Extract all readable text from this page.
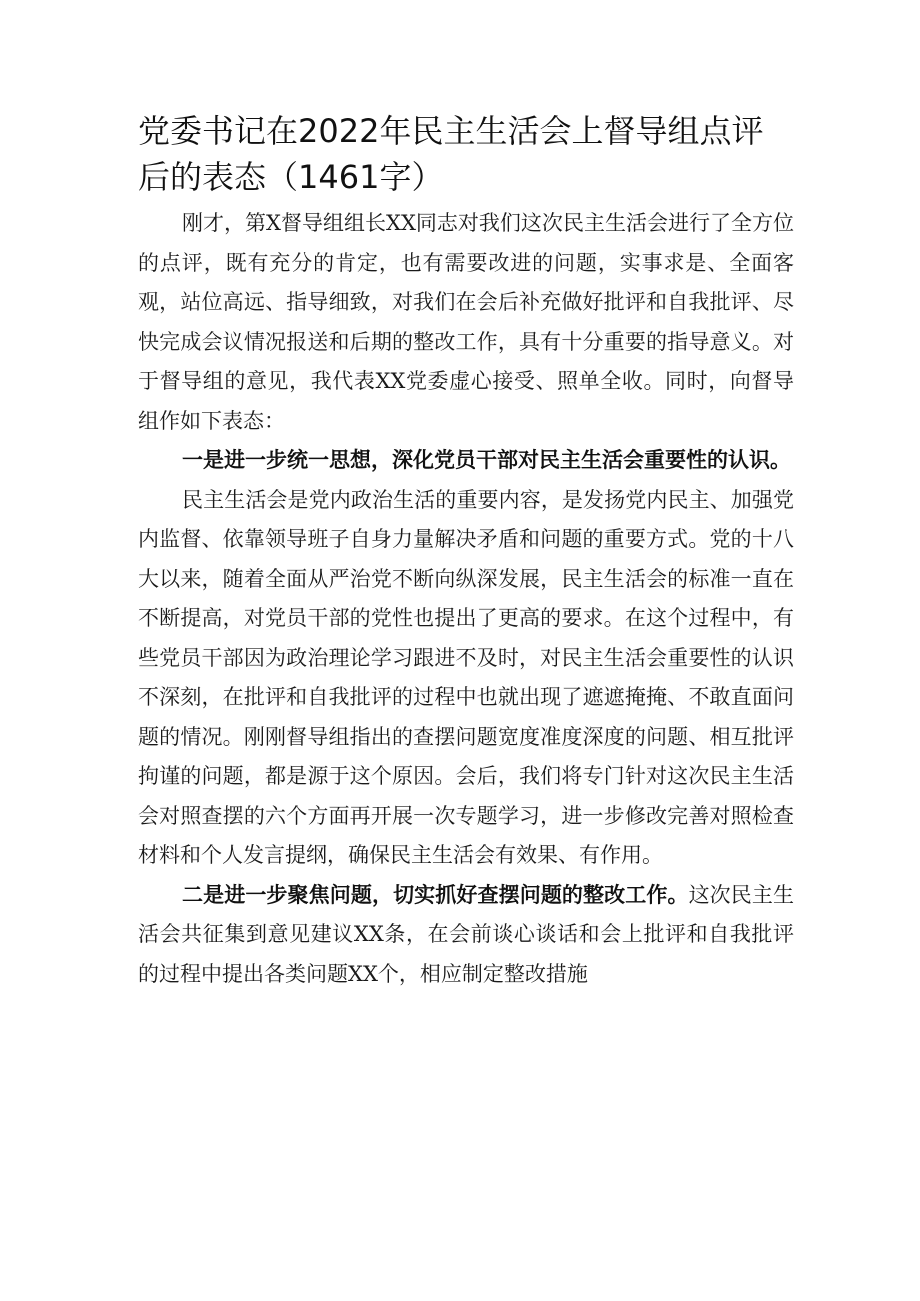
党委书记在2022年民主生活会上督导组点评后的表态（1461字）

刚才，第X督导组组长XX同志对我们这次民主生活会进行了全方位的点评，既有充分的肯定，也有需要改进的问题，实事求是、全面客观，站位高远、指导细致，对我们在会后补充做好批评和自我批评、尽快完成会议情况报送和后期的整改工作，具有十分重要的指导意义。对于督导组的意见，我代表XX党委虚心接受、照单全收。同时，向督导组作如下表态：

一是进一步统一思想，深化党员干部对民主生活会重要性的认识。

民主生活会是党内政治生活的重要内容，是发扬党内民主、加强党内监督、依靠领导班子自身力量解决矛盾和问题的重要方式。党的十八大以来，随着全面从严治党不断向纵深发展，民主生活会的标准一直在不断提高，对党员干部的党性也提出了更高的要求。在这个过程中，有些党员干部因为政治理论学习跟进不及时，对民主生活会重要性的认识不深刻，在批评和自我批评的过程中也就出现了遮遮掩掩、不敢直面问题的情况。刚刚督导组指出的查摆问题宽度准度深度的问题、相互批评拘谨的问题，都是源于这个原因。会后，我们将专门针对这次民主生活会对照查摆的六个方面再开展一次专题学习，进一步修改完善对照检查材料和个人发言提纲，确保民主生活会有效果、有作用。

二是进一步聚焦问题，切实抓好查摆问题的整改工作。这次民主生活会共征集到意见建议XX条，在会前谈心谈话和会上批评和自我批评的过程中提出各类问题XX个，相应制定整改措施
